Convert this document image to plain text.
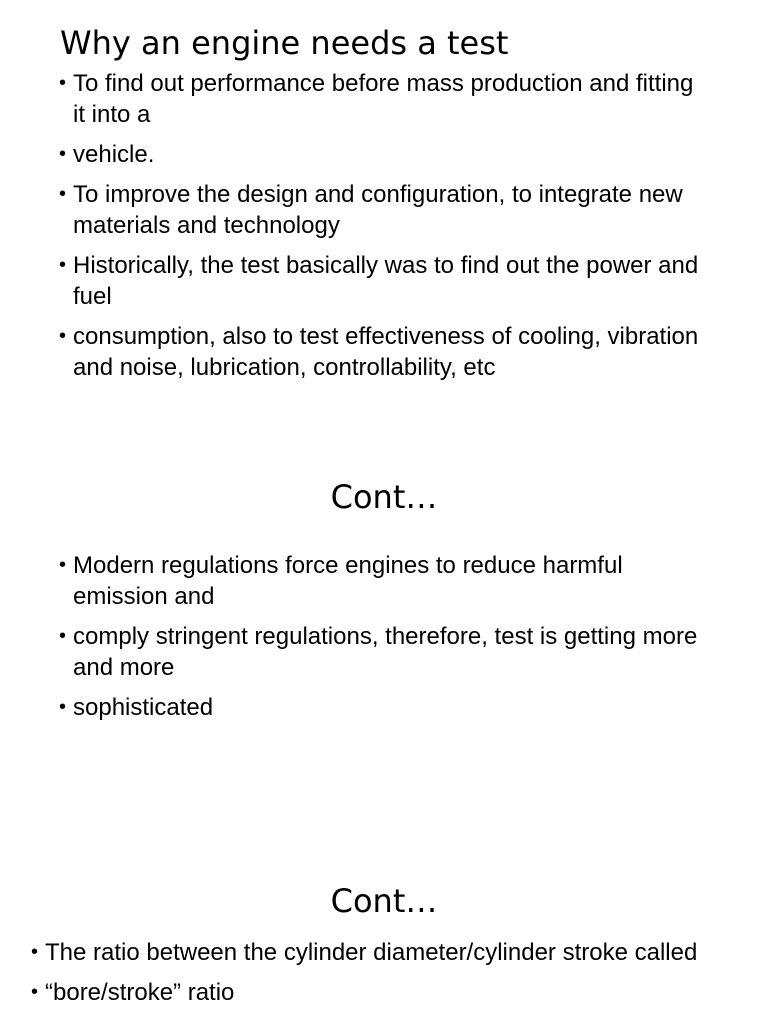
Why an engine needs a test
• To find out performance before mass production and fitting it into a
• vehicle.
• To improve the design and configuration, to integrate new materials and technology
• Historically, the test basically was to find out the power and fuel
• consumption, also to test effectiveness of cooling, vibration and noise, lubrication, controllability, etc
Cont…
• Modern regulations force engines to reduce harmful emission and
• comply stringent regulations, therefore, test is getting more and more
• sophisticated
Cont…
• The ratio between the cylinder diameter/cylinder stroke called
• “bore/stroke” ratio
